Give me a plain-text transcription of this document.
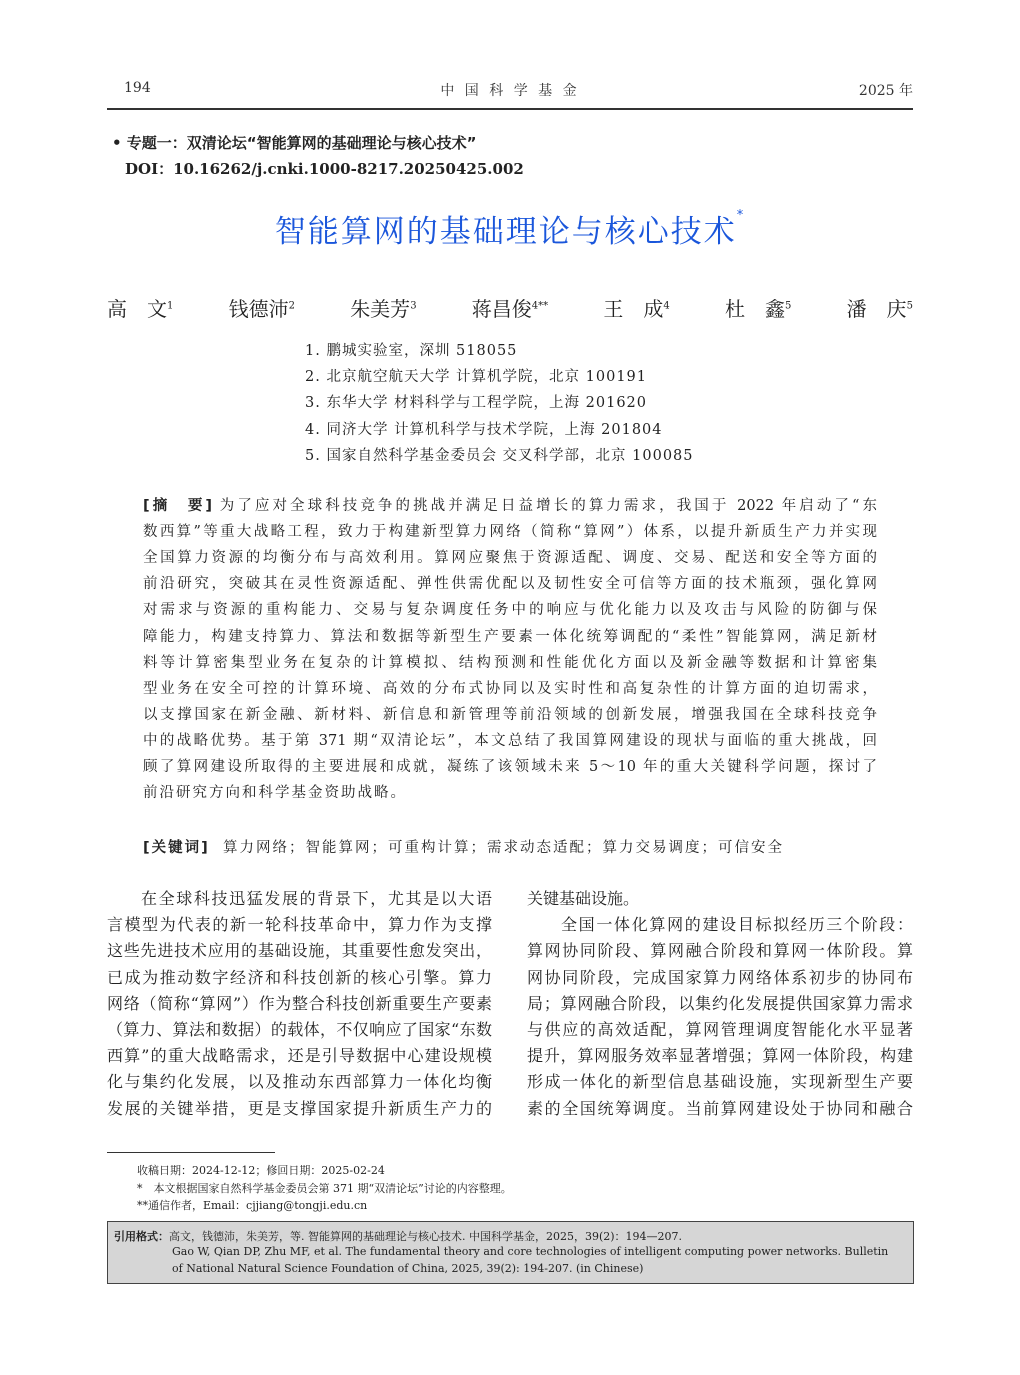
194	中 国 科 学 基 金	2025 年
• 专题一：双清论坛“智能算网的基础理论与核心技术”
DOI：10.16262/j.cnki.1000-8217.20250425.002
智能算网的基础理论与核心技术*
高　文$^1$	钱德沛$^2$	朱美芳$^3$	蒋昌俊$^{4**}$	王　成$^4$	杜　鑫$^5$	潘　庆$^5$
1. 鹏城实验室，深圳 518055
2. 北京航空航天大学 计算机学院，北京 100191
3. 东华大学 材料科学与工程学院，上海 201620
4. 同济大学 计算机科学与技术学院，上海 201804
5. 国家自然科学基金委员会 交叉科学部，北京 100085
[摘　要] 为了应对全球科技竞争的挑战并满足日益增长的算力需求，我国于 2022 年启动了“东
数西算”等重大战略工程，致力于构建新型算力网络（简称“算网”）体系，以提升新质生产力并实现
全国算力资源的均衡分布与高效利用。算网应聚焦于资源适配、调度、交易、配送和安全等方面的
前沿研究，突破其在灵性资源适配、弹性供需优配以及韧性安全可信等方面的技术瓶颈，强化算网
对需求与资源的重构能力、交易与复杂调度任务中的响应与优化能力以及攻击与风险的防御与保
障能力，构建支持算力、算法和数据等新型生产要素一体化统筹调配的“柔性”智能算网，满足新材
料等计算密集型业务在复杂的计算模拟、结构预测和性能优化方面以及新金融等数据和计算密集
型业务在安全可控的计算环境、高效的分布式协同以及实时性和高复杂性的计算方面的迫切需求，
以支撑国家在新金融、新材料、新信息和新管理等前沿领域的创新发展，增强我国在全球科技竞争
中的战略优势。基于第 371 期“双清论坛”，本文总结了我国算网建设的现状与面临的重大挑战，回
顾了算网建设所取得的主要进展和成就，凝练了该领域未来 5～10 年的重大关键科学问题，探讨了
前沿研究方向和科学基金资助战略。
[关键词] 算力网络；智能算网；可重构计算；需求动态适配；算力交易调度；可信安全
在全球科技迅猛发展的背景下，尤其是以大语
言模型为代表的新一轮科技革命中，算力作为支撑
这些先进技术应用的基础设施，其重要性愈发突出，
已成为推动数字经济和科技创新的核心引擎。算力
网络（简称“算网”）作为整合科技创新重要生产要素
（算力、算法和数据）的载体，不仅响应了国家“东数
西算”的重大战略需求，还是引导数据中心建设规模
化与集约化发展，以及推动东西部算力一体化均衡
发展的关键举措，更是支撑国家提升新质生产力的
关键基础设施。
全国一体化算网的建设目标拟经历三个阶段：
算网协同阶段、算网融合阶段和算网一体阶段。算
网协同阶段，完成国家算力网络体系初步的协同布
局；算网融合阶段，以集约化发展提供国家算力需求
与供应的高效适配，算网管理调度智能化水平显著
提升，算网服务效率显著增强；算网一体阶段，构建
形成一体化的新型信息基础设施，实现新型生产要
素的全国统筹调度。当前算网建设处于协同和融合
收稿日期：2024-12-12；修回日期：2025-02-24
*　本文根据国家自然科学基金委员会第 371 期“双清论坛”讨论的内容整理。
**通信作者，Email：cjjiang@tongji.edu.cn
引用格式：高文，钱德沛，朱美芳，等. 智能算网的基础理论与核心技术. 中国科学基金，2025，39(2)：194—207.
Gao W, Qian DP, Zhu MF, et al. The fundamental theory and core technologies of intelligent computing power networks. Bulletin
of National Natural Science Foundation of China, 2025, 39(2): 194-207. (in Chinese)
